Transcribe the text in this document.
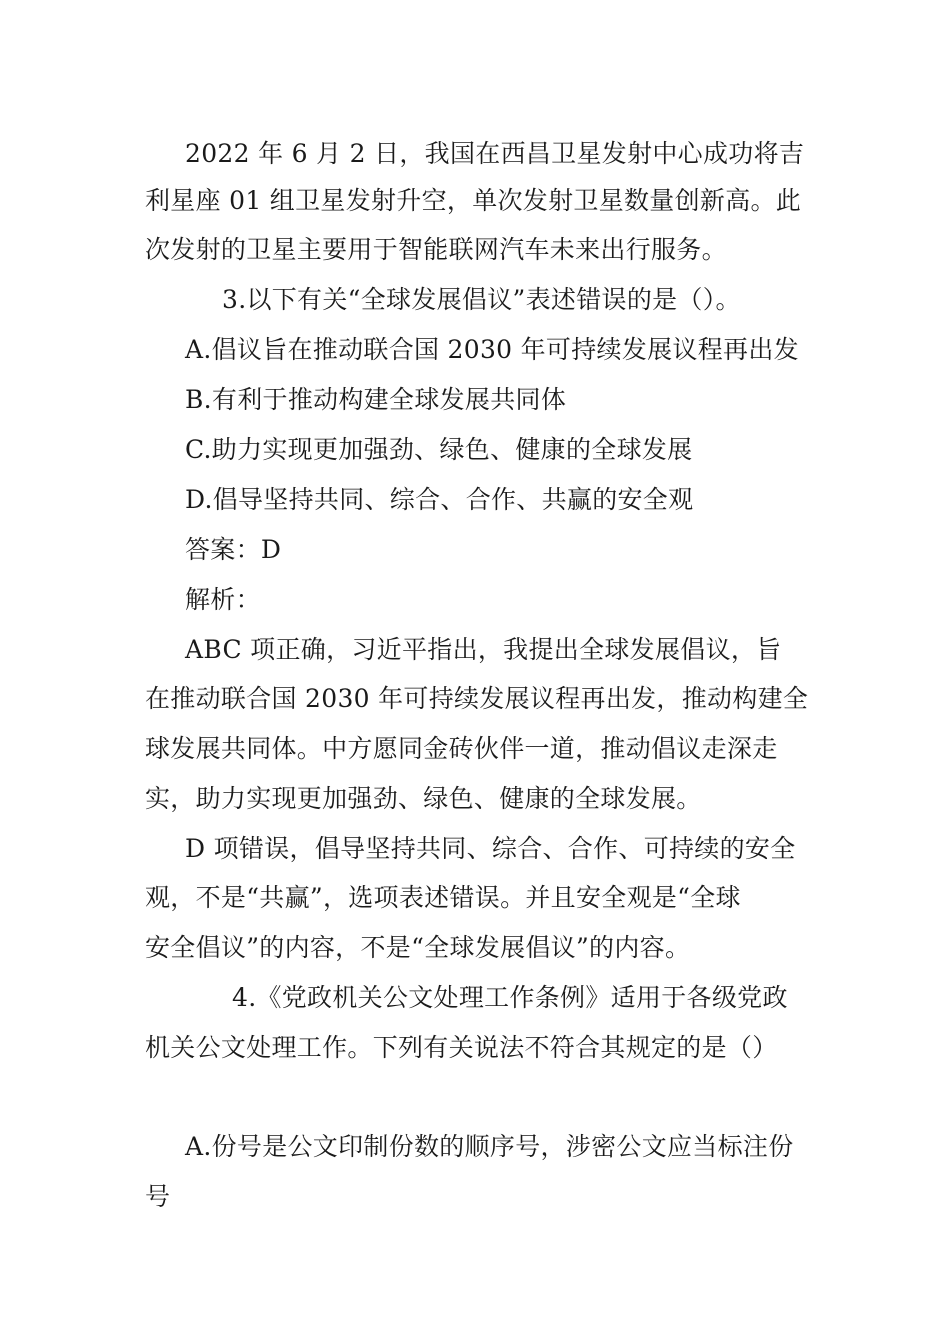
2022 年 6 月 2 日，我国在西昌卫星发射中心成功将吉
利星座 01 组卫星发射升空，单次发射卫星数量创新高。此
次发射的卫星主要用于智能联网汽车未来出行服务。
3.以下有关“全球发展倡议”表述错误的是（）。
A.倡议旨在推动联合国 2030 年可持续发展议程再出发
B.有利于推动构建全球发展共同体
C.助力实现更加强劲、绿色、健康的全球发展
D.倡导坚持共同、综合、合作、共赢的安全观
答案：D
解析：
ABC 项正确，习近平指出，我提出全球发展倡议，旨
在推动联合国 2030 年可持续发展议程再出发，推动构建全
球发展共同体。中方愿同金砖伙伴一道，推动倡议走深走
实，助力实现更加强劲、绿色、健康的全球发展。
D 项错误，倡导坚持共同、综合、合作、可持续的安全
观，不是“共赢”，选项表述错误。并且安全观是“全球
安全倡议”的内容，不是“全球发展倡议”的内容。
4.《党政机关公文处理工作条例》适用于各级党政
机关公文处理工作。下列有关说法不符合其规定的是（）
A.份号是公文印制份数的顺序号，涉密公文应当标注份
号
